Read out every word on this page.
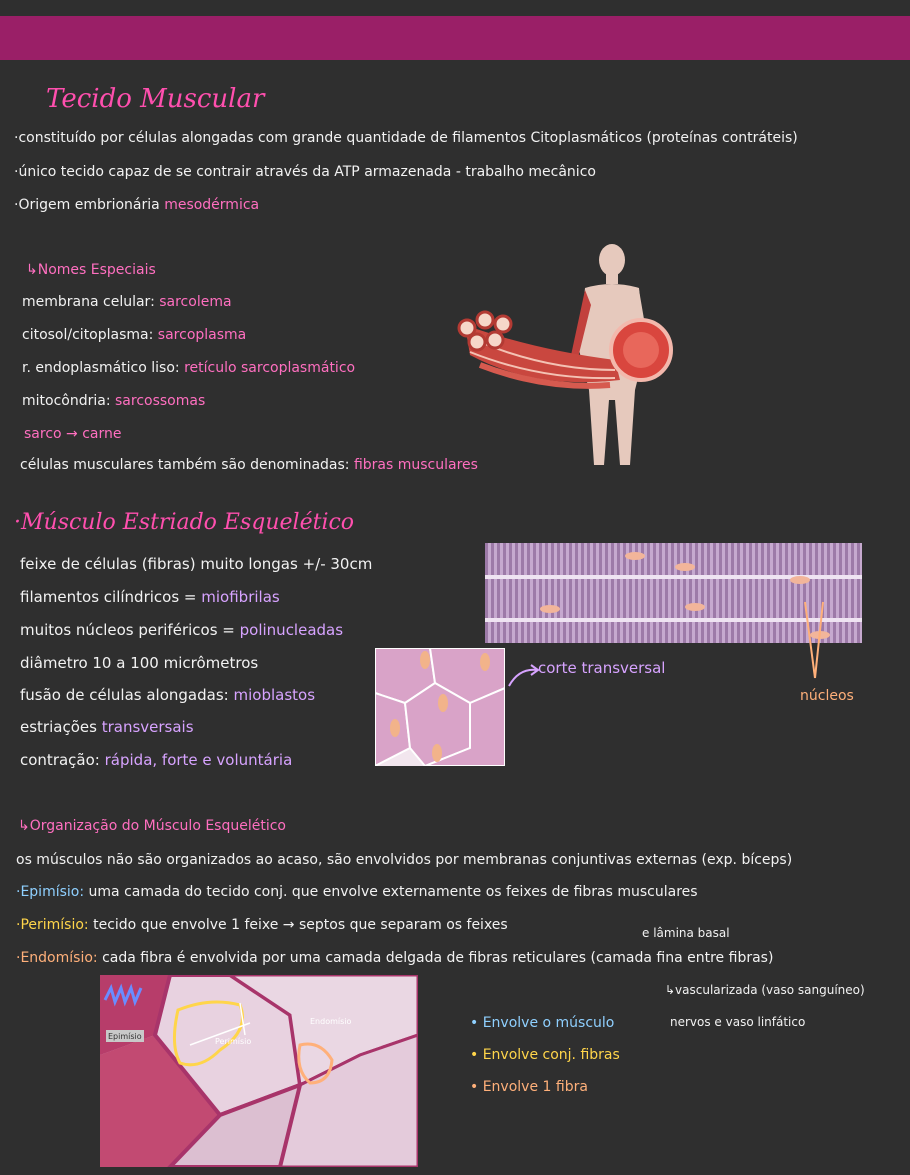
Tecido Muscular
·constituído por células alongadas com grande quantidade de filamentos Citoplasmáticos (proteínas contráteis)
·único tecido capaz de se contrair através da ATP armazenada - trabalho mecânico
·Origem embrionária mesodérmica
↳Nomes Especiais
membrana celular: sarcolema
citosol/citoplasma: sarcoplasma
r. endoplasmático liso: retículo sarcoplasmático
mitocôndria: sarcossomas
sarco → carne
células musculares também são denominadas: fibras musculares
·Músculo Estriado Esquelético
feixe de células (fibras) muito longas +/- 30cm
filamentos cilíndricos = miofibrilas
muitos núcleos periféricos = polinucleadas
diâmetro 10 a 100 micrômetros
fusão de células alongadas: mioblastos
estriações transversais
contração: rápida, forte e voluntária
corte transversal
núcleos
↳Organização do Músculo Esquelético
os músculos não são organizados ao acaso, são envolvidos por membranas conjuntivas externas (exp. bíceps)
·Epimísio: uma camada do tecido conj. que envolve externamente os feixes de fibras musculares
·Perimísio: tecido que envolve 1 feixe → septos que separam os feixes	e lâmina basal
·Endomísio: cada fibra é envolvida por uma camada delgada de fibras reticulares (camada fina entre fibras)
↳vascularizada (vaso sanguíneo)
nervos e vaso linfático
Epimísio
Perimísio
Endomísio	• Envolve o músculo
• Envolve conj. fibras
• Envolve 1 fibra
